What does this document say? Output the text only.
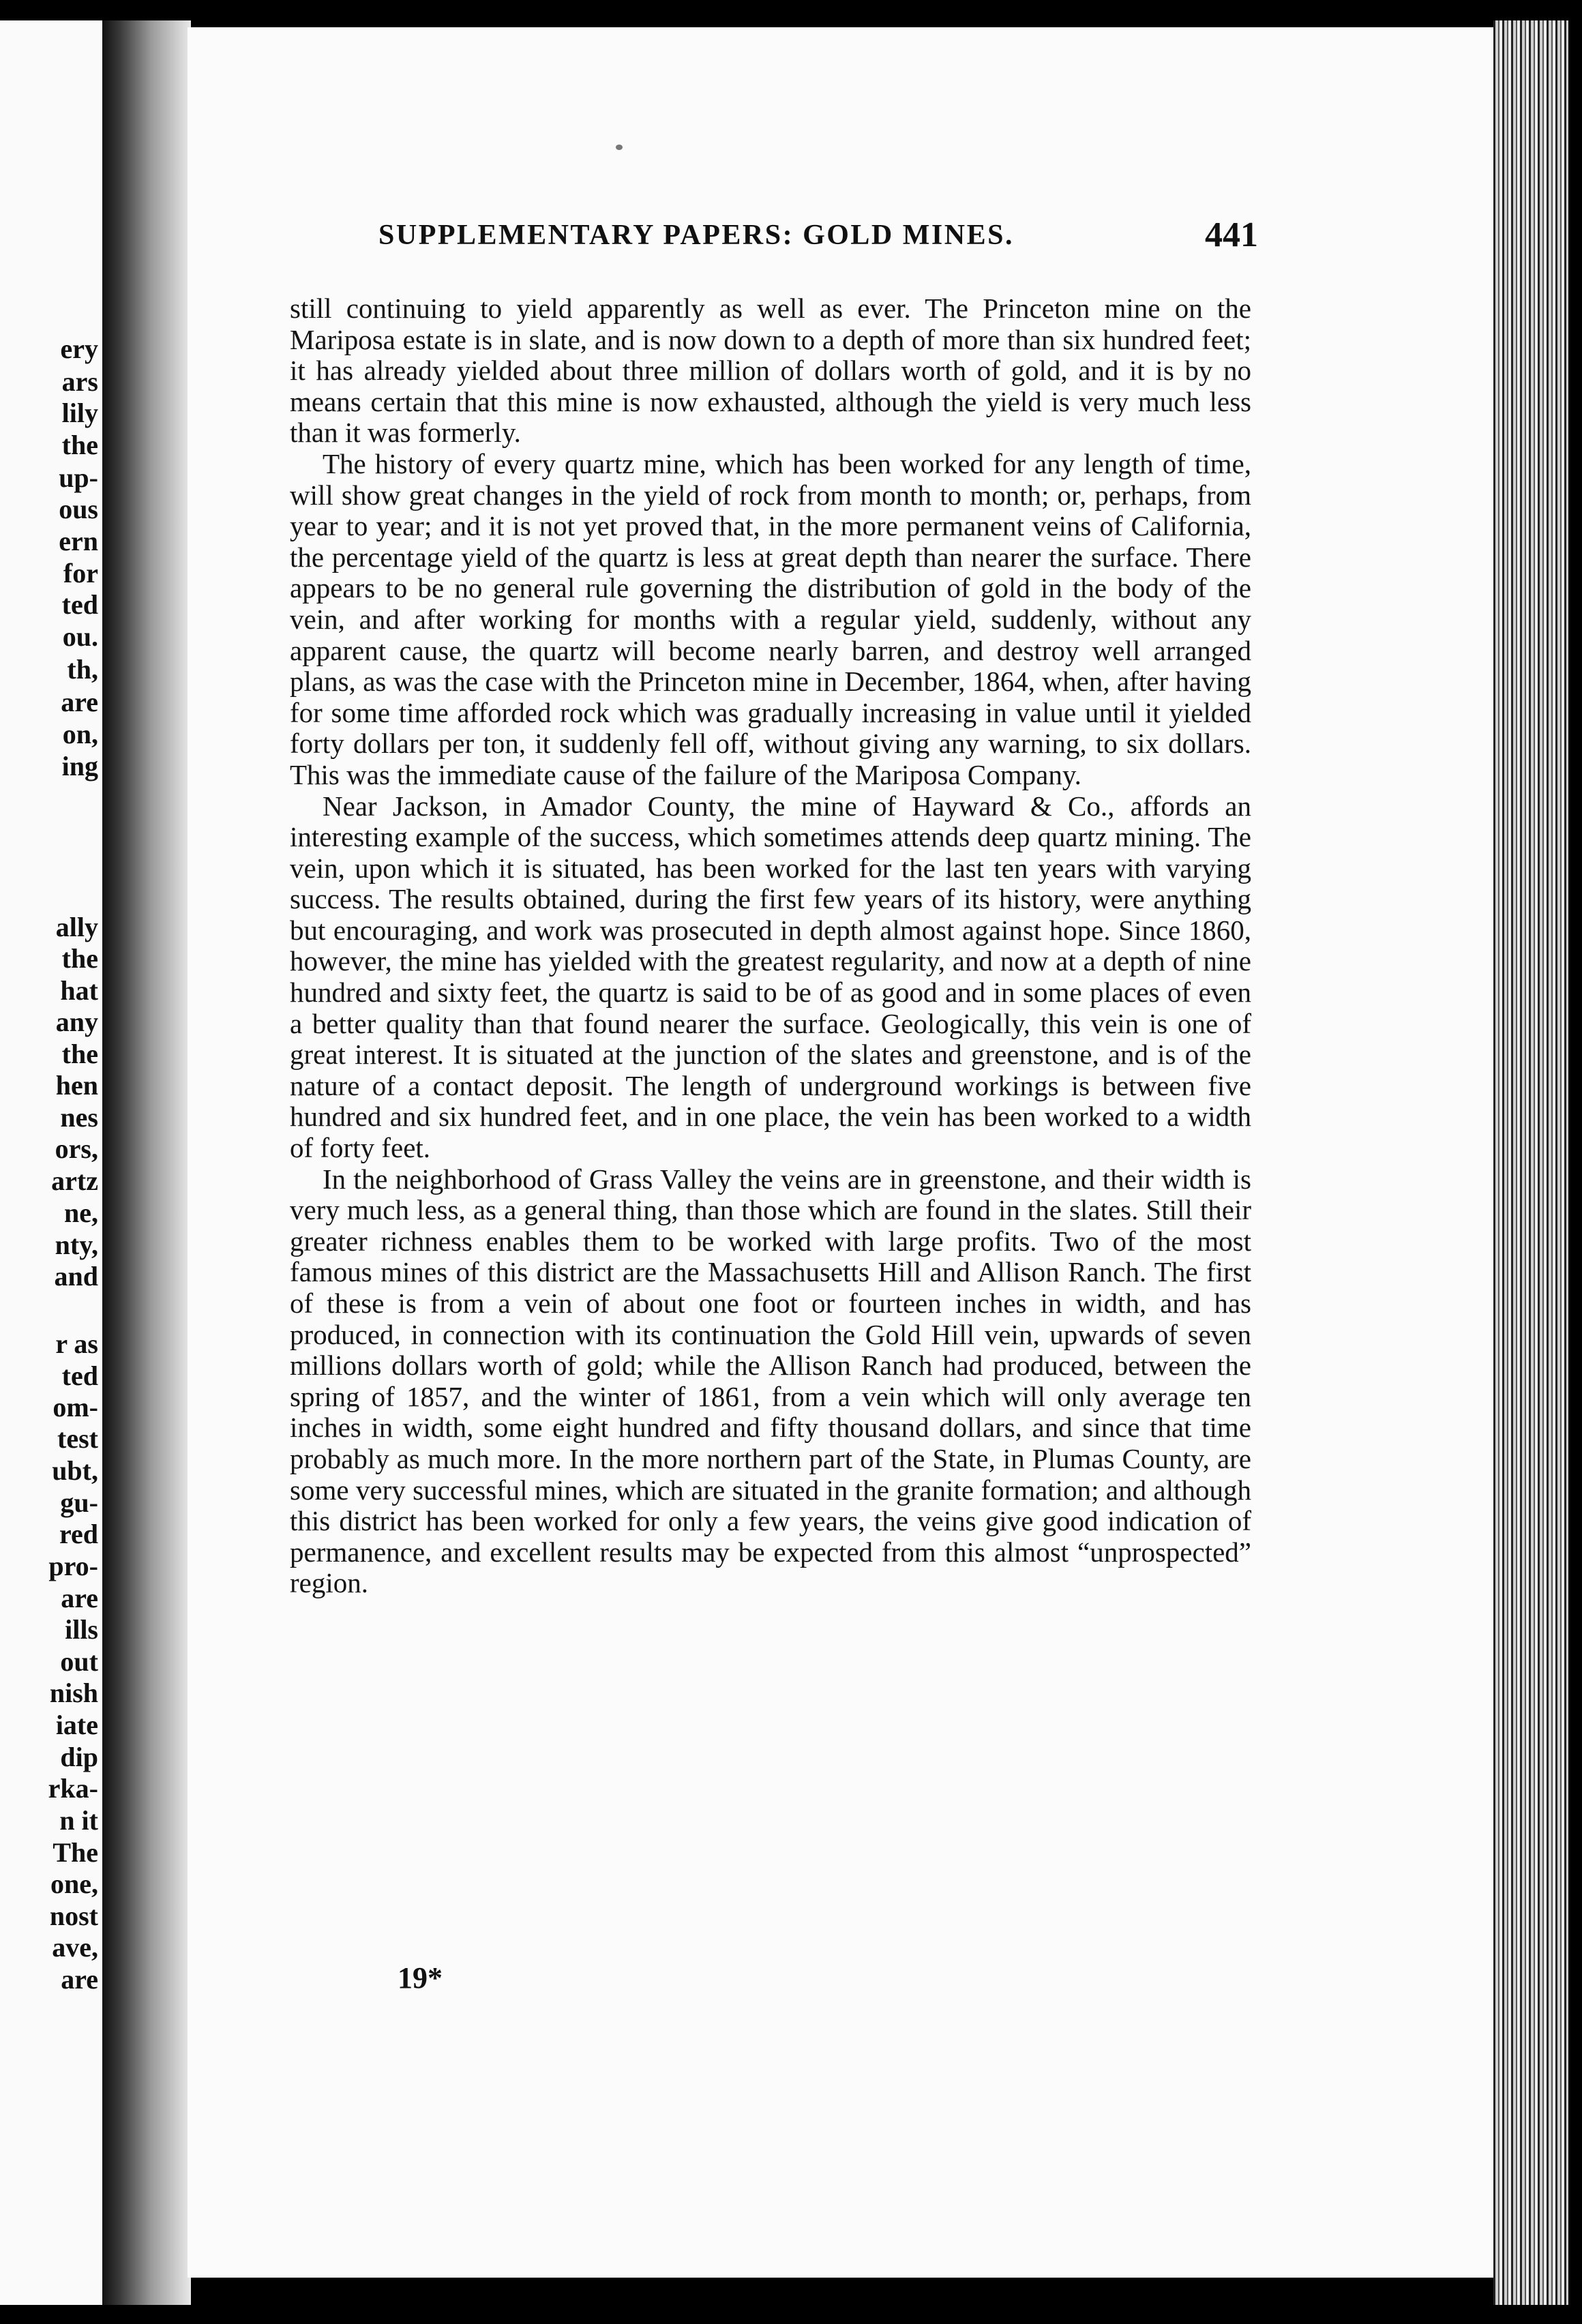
ery
ars
lily
the
up-
ous
ern
for
ted
ou.
th,
are
on,
ing
ally
the
hat
any
the
hen
nes
ors,
artz
ne,
nty,
and
r as
ted
om-
test
ubt,
gu-
red
pro-
are
ills
out
nish
iate
dip
rka-
n it
The
one,
nost
ave,
are
SUPPLEMENTARY PAPERS: GOLD MINES.	441

still continuing to yield apparently as well as ever. The Princeton mine on the Mariposa estate is in slate, and is now down to a depth of more than six hundred feet; it has already yielded about three million of dollars worth of gold, and it is by no means certain that this mine is now exhausted, although the yield is very much less than it was formerly.

The history of every quartz mine, which has been worked for any length of time, will show great changes in the yield of rock from month to month; or, perhaps, from year to year; and it is not yet proved that, in the more permanent veins of California, the percentage yield of the quartz is less at great depth than nearer the surface. There appears to be no general rule governing the distribution of gold in the body of the vein, and after working for months with a regular yield, suddenly, without any apparent cause, the quartz will become nearly barren, and destroy well arranged plans, as was the case with the Princeton mine in December, 1864, when, after having for some time afforded rock which was gradually increasing in value until it yielded forty dollars per ton, it suddenly fell off, without giving any warning, to six dollars. This was the immediate cause of the failure of the Mariposa Company.

Near Jackson, in Amador County, the mine of Hayward & Co., affords an interesting example of the success, which sometimes attends deep quartz mining. The vein, upon which it is situated, has been worked for the last ten years with varying success. The results obtained, during the first few years of its history, were anything but encouraging, and work was prosecuted in depth almost against hope. Since 1860, however, the mine has yielded with the greatest regularity, and now at a depth of nine hundred and sixty feet, the quartz is said to be of as good and in some places of even a better quality than that found nearer the surface. Geologically, this vein is one of great interest. It is situated at the junction of the slates and greenstone, and is of the nature of a contact deposit. The length of underground workings is between five hundred and six hundred feet, and in one place, the vein has been worked to a width of forty feet.

In the neighborhood of Grass Valley the veins are in greenstone, and their width is very much less, as a general thing, than those which are found in the slates. Still their greater richness enables them to be worked with large profits. Two of the most famous mines of this district are the Massachusetts Hill and Allison Ranch. The first of these is from a vein of about one foot or fourteen inches in width, and has produced, in connection with its continuation the Gold Hill vein, upwards of seven millions dollars worth of gold; while the Allison Ranch had produced, between the spring of 1857, and the winter of 1861, from a vein which will only average ten inches in width, some eight hundred and fifty thousand dollars, and since that time probably as much more. In the more northern part of the State, in Plumas County, are some very successful mines, which are situated in the granite formation; and although this district has been worked for only a few years, the veins give good indication of permanence, and excellent results may be expected from this almost “unprospected” region.

19*
